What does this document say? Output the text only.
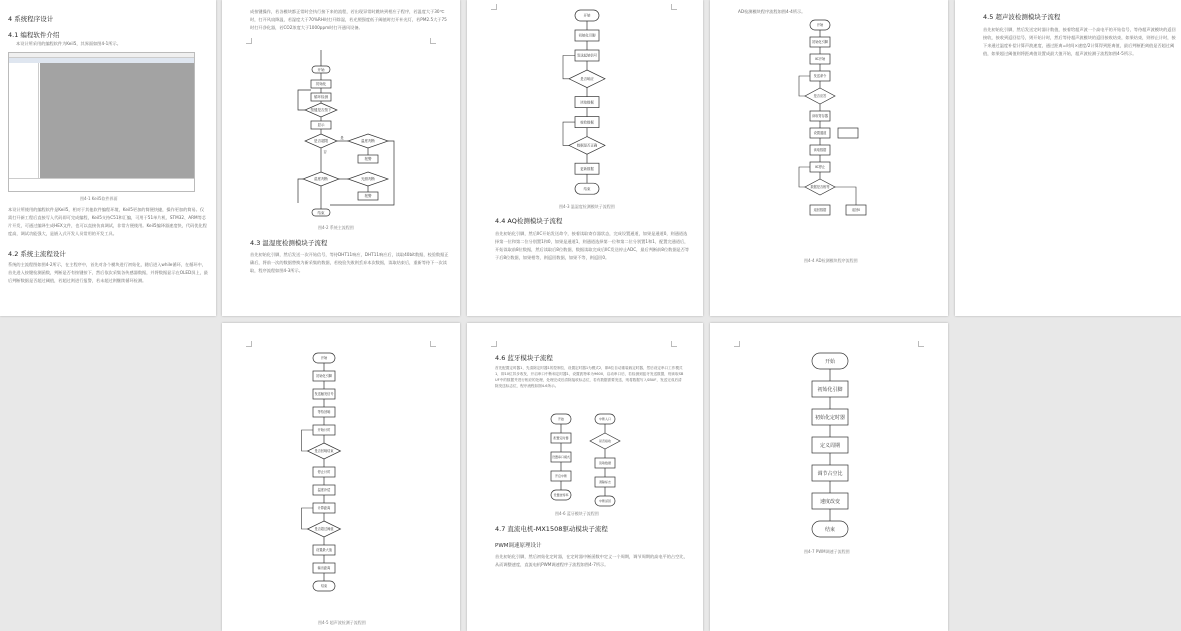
4 系统程序设计
4.1 编程软件介绍
本设计所采用的编程软件为Keil5，其界面如图4-1所示。
图4-1 Keil5软件界面
本设计所使用的编程软件是Keil5，相对于其他软件编程环境，Keil5更加的简便快捷，操作更加的简易。仅需打开新工程后直接写入代码即可完成编程，Keil5支持C51和汇编，可用于51单片机、STM32、ARM等芯片开发，可通过编译生成HEX文件，也可以直接仿真调试，非常方便使用。Keil5编译器速度快，代码优化程度高，调试功能强大，是嵌入式开发人员常用的开发工具。
4.2 系统主流程设计
系统的主流程图如图4-2所示，在主程序中，首先对各个模块进行初始化，随后进入while循环，在循环中，首先进入按键检测函数，判断是否有按键按下，然后依次采集各传感器数据，并将数据显示在OLED屏上，最后判断数据是否超过阈值，若超过则进行报警，若未超过则继续循环检测。
成按键操作，若各模块都正常时会执行接下来的流程，若出现异常时跳转到相应子程序，若温度大于30℃时，打开风扇降温，若湿度大于70%RH时打开除湿，若光照强度低于阈值时打开补光灯，若PM2.5大于75时打开净化器，若CO2浓度大于1000ppm时打开通风设备。
开始
初始化
循环检测
按键是否按下
显示
是否超限	温度判断
湿度判断	光照判断
报警
报警
结束
是
否
图4-2 系统主流程图
4.3 温湿度检测模块子流程
首先初始化引脚，然后发送一次开始信号，等待DHT11响应，DHT11响应后，读取40bit数据，校验数据正确后，将前一次的数据替换为新采集的数据，若校验失败则丢弃本次数据，读取结束后，重新等待下一次读取，程序流程如图4-3所示。
开始
初始化引脚
发送起始信号
是否响应
读取数据
校验数据
数据是否正确
更新数据
结束
图4-3 温湿度检测模块子流程图
4.4 AQ检测模块子流程
首先初始化引脚，然后IIC开始发送命令，接着读取寄存器状态，完成设置通道，如果是通道0，则通道选择第一位和第二位分别置1和0，如果是通道1，则通道选择第一位和第二位分别置1和1，配置完通道后，开始读取前8位数据，然后读取后8位数据，数据读取完成后IIC发送停止ADC，最后判断前8位数据是否等于后8位数据，如果相等，则返回数据，如果不等，则返回0。
AD检测模块程序流程如图4-4所示。
开始
初始化引脚
IIC开始
发送命令
是否应答
读取寄存器
设置通道
读取数据
IIC停止
数据是否相等
返回数据	返回0
图4-4 AD检测模块程序流程图
4.5 超声波检测模块子流程
首先初始化引脚，然后发送定时器计数值，接着给超声波一个高电平的开始信号，等待超声波模块的返回接收，接收到返回信号，则开始计时，然后等待超声波模块的返回接收结束，如果结束，则停止计时，接下来通过温度补偿计算声波速度，通过距离=时间×速度/2计算得到距离值，最后判断距离值是否超过阈值，如果超过阈值则将距离值设置成最大值开始，超声波检测子流程如图4-5所示。
开始
初始化引脚
发送触发信号
等待回响
开始计时
是否回响结束
停止计时
温度补偿
计算距离
是否超过阈值
设置最大值
输出距离
结束
图4-5 超声波检测子流程图
4.6 蓝牙模块子流程
首先配置定时器1，先清除定时器1的控制位，设置定时器1为模式2，即8位自动重装载定时器，然后设定串口工作模式1，即10位异步收发，开启串口中断和定时器1，设置波特率为9600，启动串口后，若检测到蓝牙发送数据，则读取SBUF中的数据并进行相应的处理，处理完成后清除接收标志位，若有数据需要发送，则将数据写入SBUF，发送完成后清除发送标志位，程序流程如图4-6所示。
开始
配置定时器
设置串口模式
开启中断
设置波特率
中断入口
是否接收
读取数据
清除标志
中断返回
图4-6 蓝牙模块子流程图
4.7 直流电机-MX1508驱动模块子流程
PWM调速原理设计
首先初始化引脚，然后初始化定时器，在定时器中断函数中定义一个周期，调节周期的高电平的占空比，从而调整速度，直流电机PWM调速程序子流程如图4-7所示。
开始
初始化引脚
初始化定时器
定义周期
调节占空比
速度改变
结束
图4-7 PWM调速子流程图
